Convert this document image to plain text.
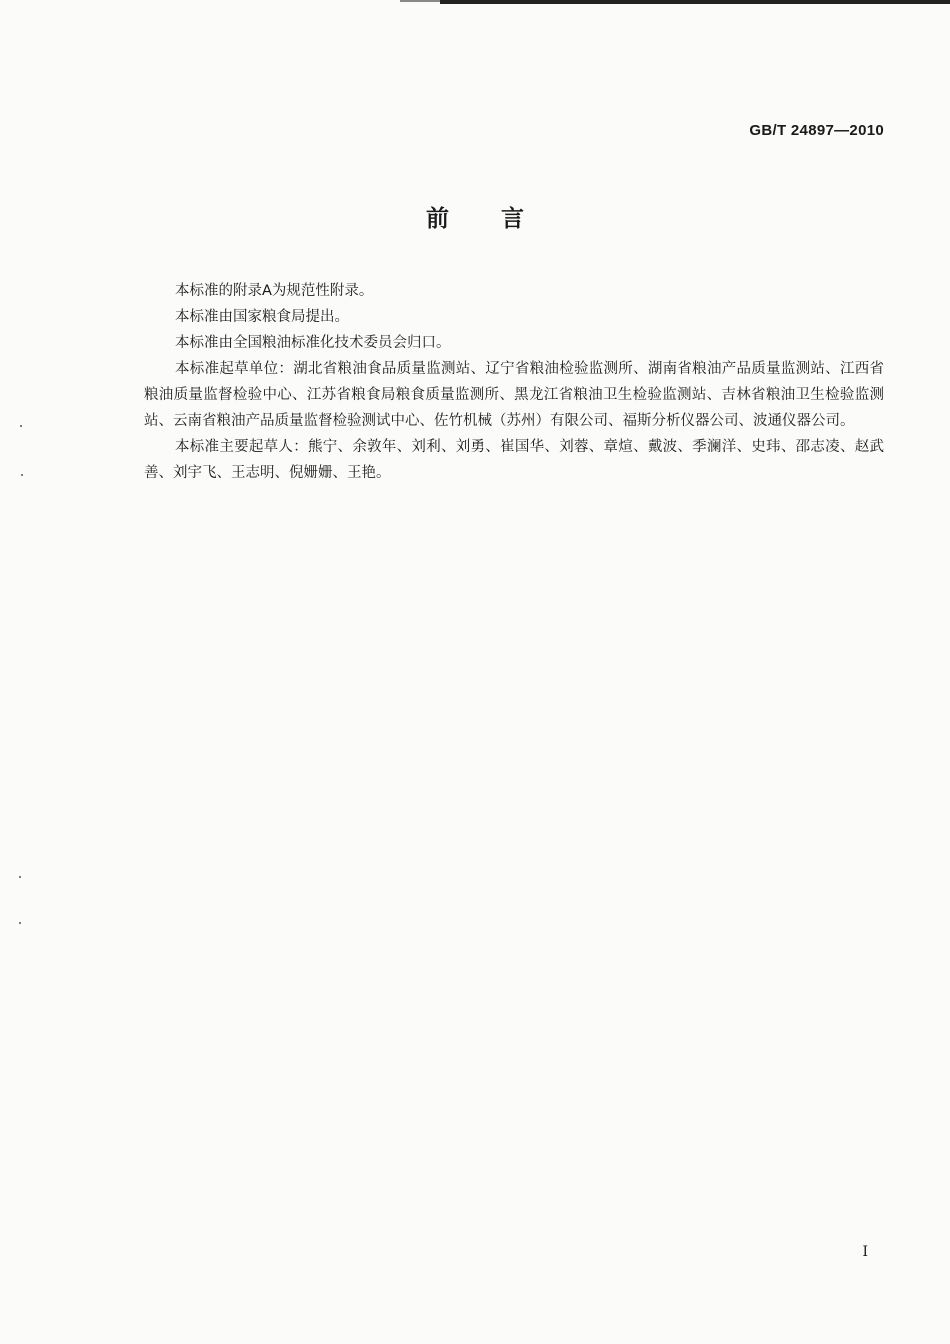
GB/T 24897—2010
前言

本标准的附录A为规范性附录。

本标准由国家粮食局提出。

本标准由全国粮油标准化技术委员会归口。

本标准起草单位：湖北省粮油食品质量监测站、辽宁省粮油检验监测所、湖南省粮油产品质量监测站、江西省粮油质量监督检验中心、江苏省粮食局粮食质量监测所、黑龙江省粮油卫生检验监测站、吉林省粮油卫生检验监测站、云南省粮油产品质量监督检验测试中心、佐竹机械（苏州）有限公司、福斯分析仪器公司、波通仪器公司。

本标准主要起草人：熊宁、余敦年、刘利、刘勇、崔国华、刘蓉、章煊、戴波、季澜洋、史玮、邵志凌、赵武善、刘宇飞、王志明、倪姗姗、王艳。

I
